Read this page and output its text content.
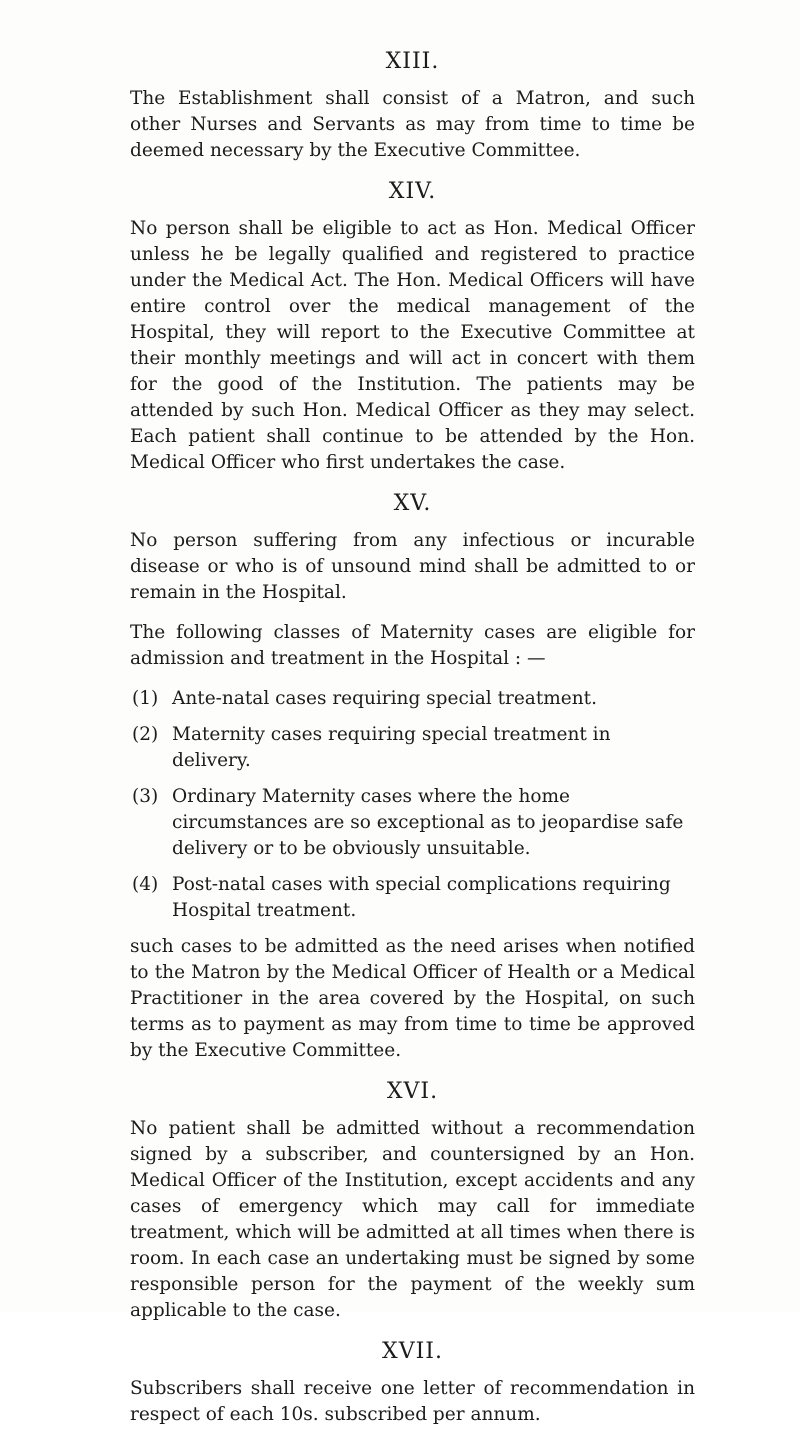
XIII.

The Establishment shall consist of a Matron, and such other Nurses and Servants as may from time to time be deemed necessary by the Executive Committee.

XIV.

No person shall be eligible to act as Hon. Medical Officer unless he be legally qualified and registered to practice under the Medical Act. The Hon. Medical Officers will have entire control over the medical management of the Hospital, they will report to the Executive Committee at their monthly meetings and will act in concert with them for the good of the Institution. The patients may be attended by such Hon. Medical Officer as they may select. Each patient shall continue to be attended by the Hon. Medical Officer who first undertakes the case.

XV.

No person suffering from any infectious or incurable disease or who is of unsound mind shall be admitted to or remain in the Hospital.

The following classes of Maternity cases are eligible for admission and treatment in the Hospital : —

(1) Ante-natal cases requiring special treatment.
(2) Maternity cases requiring special treatment in delivery.
(3) Ordinary Maternity cases where the home circumstances are so exceptional as to jeopardise safe delivery or to be obviously unsuitable.
(4) Post-natal cases with special complications requiring Hospital treatment.

such cases to be admitted as the need arises when notified to the Matron by the Medical Officer of Health or a Medical Practitioner in the area covered by the Hospital, on such terms as to payment as may from time to time be approved by the Executive Committee.

XVI.

No patient shall be admitted without a recommendation signed by a subscriber, and countersigned by an Hon. Medical Officer of the Institution, except accidents and any cases of emergency which may call for immediate treatment, which will be admitted at all times when there is room. In each case an undertaking must be signed by some responsible person for the payment of the weekly sum applicable to the case.

XVII.

Subscribers shall receive one letter of recommendation in respect of each 10s. subscribed per annum.
